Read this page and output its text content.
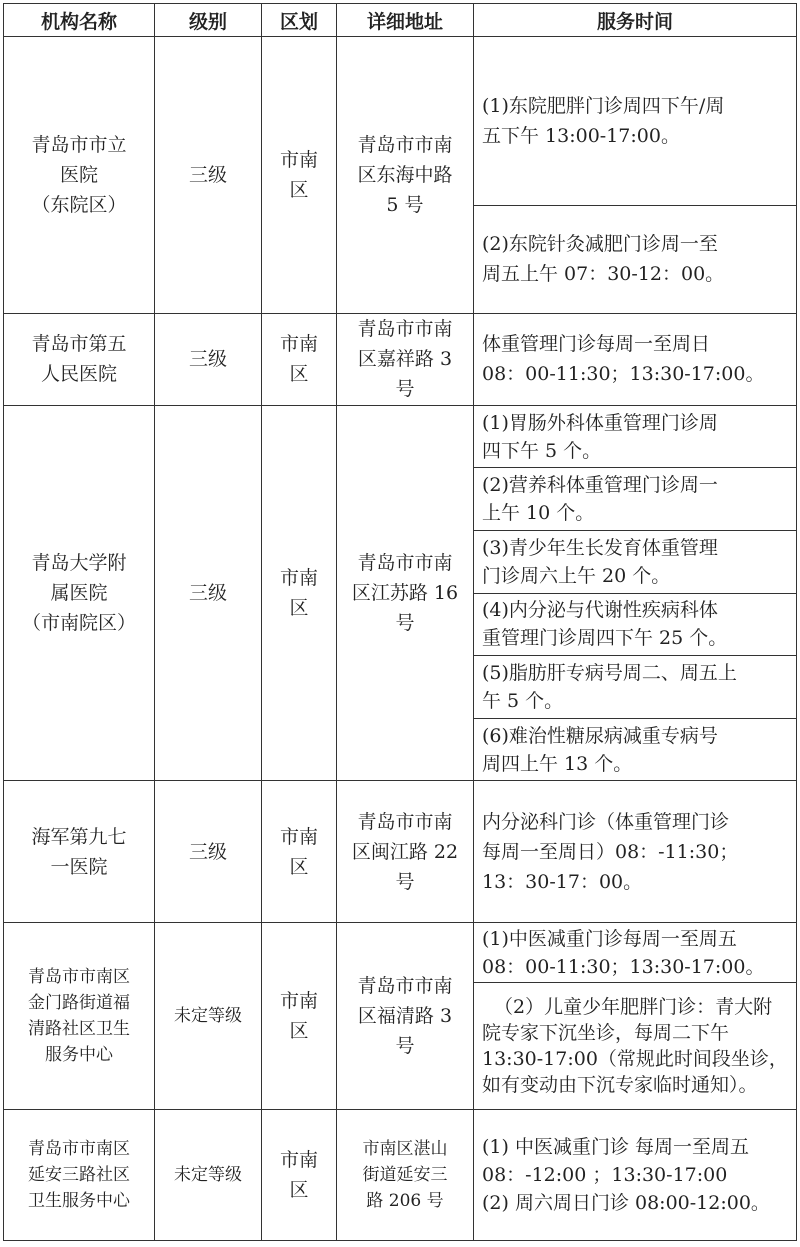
机构名称	级别	区划	详细地址	服务时间

青岛市市立
医院
（东院区）	三级	市南
区	青岛市市南
区东海中路
5 号	(1)东院肥胖门诊周四下午/周
五下午 13:00-17:00。

				(2)东院针灸减肥门诊周一至
周五上午 07：30-12：00。

青岛市第五
人民医院	三级	市南
区	青岛市市南
区嘉祥路 3
号	体重管理门诊每周一至周日
08：00-11:30；13:30-17:00。

青岛大学附
属医院
（市南院区）	三级	市南
区	青岛市市南
区江苏路 16
号	(1)胃肠外科体重管理门诊周
四下午 5 个。

				(2)营养科体重管理门诊周一
上午 10 个。

				(3)青少年生长发育体重管理
门诊周六上午 20 个。

				(4)内分泌与代谢性疾病科体
重管理门诊周四下午 25 个。

				(5)脂肪肝专病号周二、周五上
午 5 个。

				(6)难治性糖尿病减重专病号
周四上午 13 个。

海军第九七
一医院	三级	市南
区	青岛市市南
区闽江路 22
号	内分泌科门诊（体重管理门诊
每周一至周日）08：-11:30；
13：30-17：00。

青岛市市南区
金门路街道福
清路社区卫生
服务中心	未定等级	市南
区	青岛市市南
区福清路 3
号	(1)中医减重门诊每周一至周五
08：00-11:30；13:30-17:00。

				（2）儿童少年肥胖门诊：青大附
院专家下沉坐诊，每周二下午
13:30-17:00（常规此时间段坐诊，
如有变动由下沉专家临时通知）。

青岛市市南区
延安三路社区
卫生服务中心	未定等级	市南
区	市南区湛山
街道延安三
路 206 号	(1) 中医减重门诊 每周一至周五
08：-12:00 ；13:30-17:00
(2) 周六周日门诊 08:00-12:00。
